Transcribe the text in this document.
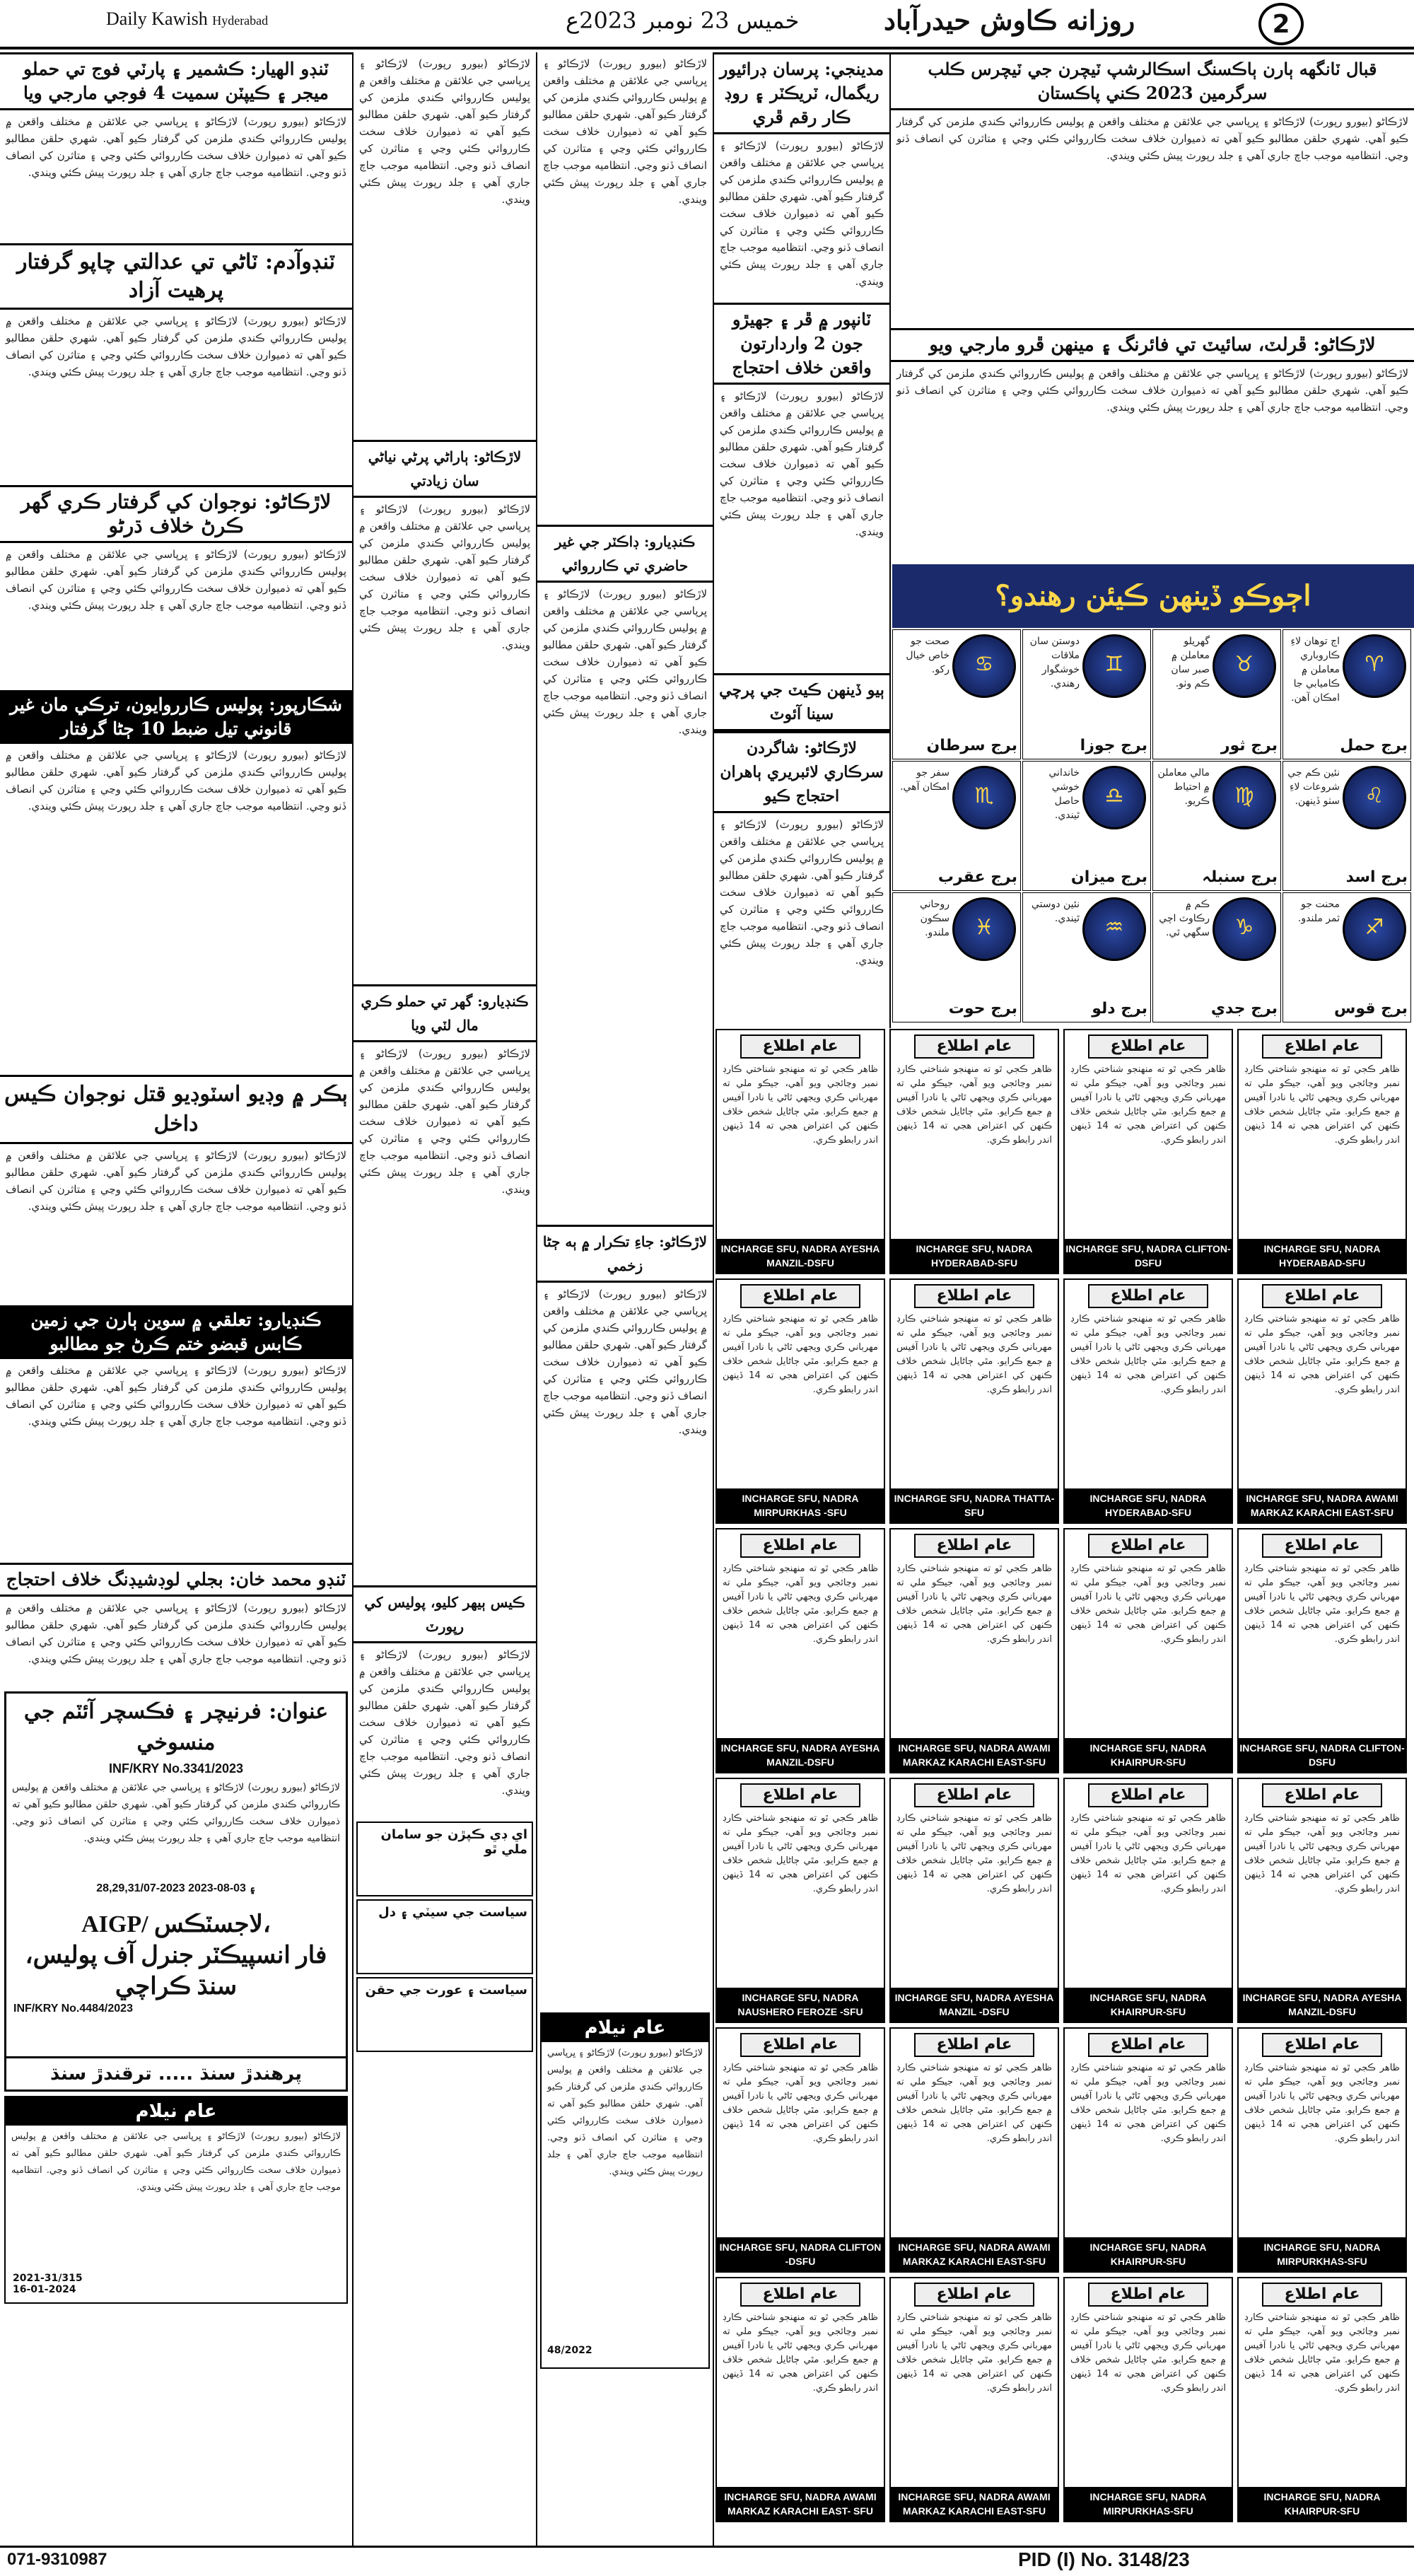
Daily Kawish Hyderabad	خميس 23 نومبر 2023ع	روزانه ڪاوش حيدرآباد	2
ٽنڊو الهيار: ڪشمير ۽ پارٽي فوج تي حملو ميجر ۽ ڪيپٽن سميت 4 فوجي مارجي ويا
لاڙڪاڻو (بيورو رپورٽ) لاڙڪاڻو ۽ ڀرپاسي جي علائقن ۾ مختلف واقعن ۾ پوليس ڪارروائي ڪندي ملزمن کي گرفتار ڪيو آهي. شهري حلقن مطالبو ڪيو آهي ته ذميوارن خلاف سخت ڪارروائي ڪئي وڃي ۽ متاثرن کي انصاف ڏنو وڃي. انتظاميه موجب جاچ جاري آهي ۽ جلد رپورٽ پيش ڪئي ويندي.
ٽنڊوآدم: ٽاڻي تي عدالتي چاپو گرفتار پرهيت آزاد
لاڙڪاڻو (بيورو رپورٽ) لاڙڪاڻو ۽ ڀرپاسي جي علائقن ۾ مختلف واقعن ۾ پوليس ڪارروائي ڪندي ملزمن کي گرفتار ڪيو آهي. شهري حلقن مطالبو ڪيو آهي ته ذميوارن خلاف سخت ڪارروائي ڪئي وڃي ۽ متاثرن کي انصاف ڏنو وڃي. انتظاميه موجب جاچ جاري آهي ۽ جلد رپورٽ پيش ڪئي ويندي.
لاڙڪاڻو: نوجوان کي گرفتار ڪري گهر ڪرڻ خلاف ڌرڻو
لاڙڪاڻو (بيورو رپورٽ) لاڙڪاڻو ۽ ڀرپاسي جي علائقن ۾ مختلف واقعن ۾ پوليس ڪارروائي ڪندي ملزمن کي گرفتار ڪيو آهي. شهري حلقن مطالبو ڪيو آهي ته ذميوارن خلاف سخت ڪارروائي ڪئي وڃي ۽ متاثرن کي انصاف ڏنو وڃي. انتظاميه موجب جاچ جاري آهي ۽ جلد رپورٽ پيش ڪئي ويندي.
شڪارپور: پوليس ڪارروايون، ترڪي مان غير قانوني تيل ضبط 10 ڄڻا گرفتار
لاڙڪاڻو (بيورو رپورٽ) لاڙڪاڻو ۽ ڀرپاسي جي علائقن ۾ مختلف واقعن ۾ پوليس ڪارروائي ڪندي ملزمن کي گرفتار ڪيو آهي. شهري حلقن مطالبو ڪيو آهي ته ذميوارن خلاف سخت ڪارروائي ڪئي وڃي ۽ متاثرن کي انصاف ڏنو وڃي. انتظاميه موجب جاچ جاري آهي ۽ جلد رپورٽ پيش ڪئي ويندي.
ٻڪر ۾ وڊيو اسٽوڊيو قتل نوجوان ڪيس داخل
لاڙڪاڻو (بيورو رپورٽ) لاڙڪاڻو ۽ ڀرپاسي جي علائقن ۾ مختلف واقعن ۾ پوليس ڪارروائي ڪندي ملزمن کي گرفتار ڪيو آهي. شهري حلقن مطالبو ڪيو آهي ته ذميوارن خلاف سخت ڪارروائي ڪئي وڃي ۽ متاثرن کي انصاف ڏنو وڃي. انتظاميه موجب جاچ جاري آهي ۽ جلد رپورٽ پيش ڪئي ويندي.
ڪنڊيارو: تعلقي ۾ سوين ٻارن جي زمين ڪابس قبضو ختم ڪرڻ جو مطالبو
لاڙڪاڻو (بيورو رپورٽ) لاڙڪاڻو ۽ ڀرپاسي جي علائقن ۾ مختلف واقعن ۾ پوليس ڪارروائي ڪندي ملزمن کي گرفتار ڪيو آهي. شهري حلقن مطالبو ڪيو آهي ته ذميوارن خلاف سخت ڪارروائي ڪئي وڃي ۽ متاثرن کي انصاف ڏنو وڃي. انتظاميه موجب جاچ جاري آهي ۽ جلد رپورٽ پيش ڪئي ويندي.
ٽنڊو محمد خان: بجلي لوڊشيڊنگ خلاف احتجاج
لاڙڪاڻو (بيورو رپورٽ) لاڙڪاڻو ۽ ڀرپاسي جي علائقن ۾ مختلف واقعن ۾ پوليس ڪارروائي ڪندي ملزمن کي گرفتار ڪيو آهي. شهري حلقن مطالبو ڪيو آهي ته ذميوارن خلاف سخت ڪارروائي ڪئي وڃي ۽ متاثرن کي انصاف ڏنو وڃي. انتظاميه موجب جاچ جاري آهي ۽ جلد رپورٽ پيش ڪئي ويندي.
عنوان: فرنيچر ۽ فڪسچر آئٽم جي منسوخي
INF/KRY No.3341/2023
لاڙڪاڻو (بيورو رپورٽ) لاڙڪاڻو ۽ ڀرپاسي جي علائقن ۾ مختلف واقعن ۾ پوليس ڪارروائي ڪندي ملزمن کي گرفتار ڪيو آهي. شهري حلقن مطالبو ڪيو آهي ته ذميوارن خلاف سخت ڪارروائي ڪئي وڃي ۽ متاثرن کي انصاف ڏنو وڃي. انتظاميه موجب جاچ جاري آهي ۽ جلد رپورٽ پيش ڪئي ويندي.
28,29,31/07-2023 ۽ 03-08-2023
AIGP/ لاجسٽڪس،
فار انسپيڪٽر جنرل آف پوليس،
سنڌ ڪراچي
INF/KRY No.4484/2023
پرهندڙ سنڌ ..... ترقندڙ سنڌ
عام نيلام
لاڙڪاڻو (بيورو رپورٽ) لاڙڪاڻو ۽ ڀرپاسي جي علائقن ۾ مختلف واقعن ۾ پوليس ڪارروائي ڪندي ملزمن کي گرفتار ڪيو آهي. شهري حلقن مطالبو ڪيو آهي ته ذميوارن خلاف سخت ڪارروائي ڪئي وڃي ۽ متاثرن کي انصاف ڏنو وڃي. انتظاميه موجب جاچ جاري آهي ۽ جلد رپورٽ پيش ڪئي ويندي.
2021-31/315
16-01-2024
لاڙڪاڻو (بيورو رپورٽ) لاڙڪاڻو ۽ ڀرپاسي جي علائقن ۾ مختلف واقعن ۾ پوليس ڪارروائي ڪندي ملزمن کي گرفتار ڪيو آهي. شهري حلقن مطالبو ڪيو آهي ته ذميوارن خلاف سخت ڪارروائي ڪئي وڃي ۽ متاثرن کي انصاف ڏنو وڃي. انتظاميه موجب جاچ جاري آهي ۽ جلد رپورٽ پيش ڪئي ويندي.
لاڙڪاڻو: ٻاراڻي پرڻي نياڻي سان زيادتي
لاڙڪاڻو (بيورو رپورٽ) لاڙڪاڻو ۽ ڀرپاسي جي علائقن ۾ مختلف واقعن ۾ پوليس ڪارروائي ڪندي ملزمن کي گرفتار ڪيو آهي. شهري حلقن مطالبو ڪيو آهي ته ذميوارن خلاف سخت ڪارروائي ڪئي وڃي ۽ متاثرن کي انصاف ڏنو وڃي. انتظاميه موجب جاچ جاري آهي ۽ جلد رپورٽ پيش ڪئي ويندي.
ڪنڊيارو: گهر تي حملو ڪري مال لٽي ويا
لاڙڪاڻو (بيورو رپورٽ) لاڙڪاڻو ۽ ڀرپاسي جي علائقن ۾ مختلف واقعن ۾ پوليس ڪارروائي ڪندي ملزمن کي گرفتار ڪيو آهي. شهري حلقن مطالبو ڪيو آهي ته ذميوارن خلاف سخت ڪارروائي ڪئي وڃي ۽ متاثرن کي انصاف ڏنو وڃي. انتظاميه موجب جاچ جاري آهي ۽ جلد رپورٽ پيش ڪئي ويندي.
ڪيس ٻيهر کليو، پوليس کي رپورٽ
لاڙڪاڻو (بيورو رپورٽ) لاڙڪاڻو ۽ ڀرپاسي جي علائقن ۾ مختلف واقعن ۾ پوليس ڪارروائي ڪندي ملزمن کي گرفتار ڪيو آهي. شهري حلقن مطالبو ڪيو آهي ته ذميوارن خلاف سخت ڪارروائي ڪئي وڃي ۽ متاثرن کي انصاف ڏنو وڃي. انتظاميه موجب جاچ جاري آهي ۽ جلد رپورٽ پيش ڪئي ويندي.
اي ڊي ڪپڙن جو سامان ملي ٿو
سياست جي سيٽي ۽ دل
سياست ۽ عورت جي حقن
لاڙڪاڻو (بيورو رپورٽ) لاڙڪاڻو ۽ ڀرپاسي جي علائقن ۾ مختلف واقعن ۾ پوليس ڪارروائي ڪندي ملزمن کي گرفتار ڪيو آهي. شهري حلقن مطالبو ڪيو آهي ته ذميوارن خلاف سخت ڪارروائي ڪئي وڃي ۽ متاثرن کي انصاف ڏنو وڃي. انتظاميه موجب جاچ جاري آهي ۽ جلد رپورٽ پيش ڪئي ويندي.
ڪنڊيارو: ڊاڪٽر جي غير حاضري تي ڪارروائي
لاڙڪاڻو (بيورو رپورٽ) لاڙڪاڻو ۽ ڀرپاسي جي علائقن ۾ مختلف واقعن ۾ پوليس ڪارروائي ڪندي ملزمن کي گرفتار ڪيو آهي. شهري حلقن مطالبو ڪيو آهي ته ذميوارن خلاف سخت ڪارروائي ڪئي وڃي ۽ متاثرن کي انصاف ڏنو وڃي. انتظاميه موجب جاچ جاري آهي ۽ جلد رپورٽ پيش ڪئي ويندي.
لاڙڪاڻو: جاءِ تڪرار ۾ ٻه ڄڻا زخمي
لاڙڪاڻو (بيورو رپورٽ) لاڙڪاڻو ۽ ڀرپاسي جي علائقن ۾ مختلف واقعن ۾ پوليس ڪارروائي ڪندي ملزمن کي گرفتار ڪيو آهي. شهري حلقن مطالبو ڪيو آهي ته ذميوارن خلاف سخت ڪارروائي ڪئي وڃي ۽ متاثرن کي انصاف ڏنو وڃي. انتظاميه موجب جاچ جاري آهي ۽ جلد رپورٽ پيش ڪئي ويندي.
عام نيلام
لاڙڪاڻو (بيورو رپورٽ) لاڙڪاڻو ۽ ڀرپاسي جي علائقن ۾ مختلف واقعن ۾ پوليس ڪارروائي ڪندي ملزمن کي گرفتار ڪيو آهي. شهري حلقن مطالبو ڪيو آهي ته ذميوارن خلاف سخت ڪارروائي ڪئي وڃي ۽ متاثرن کي انصاف ڏنو وڃي. انتظاميه موجب جاچ جاري آهي ۽ جلد رپورٽ پيش ڪئي ويندي.
48/2022
مدينجي: پرسان ڊرائيور ريگمال، ٽريڪٽر ۽ روڊ ڪار رقم ڦري
لاڙڪاڻو (بيورو رپورٽ) لاڙڪاڻو ۽ ڀرپاسي جي علائقن ۾ مختلف واقعن ۾ پوليس ڪارروائي ڪندي ملزمن کي گرفتار ڪيو آهي. شهري حلقن مطالبو ڪيو آهي ته ذميوارن خلاف سخت ڪارروائي ڪئي وڃي ۽ متاثرن کي انصاف ڏنو وڃي. انتظاميه موجب جاچ جاري آهي ۽ جلد رپورٽ پيش ڪئي ويندي.
ٽانپور ۾ ڦر ۽ جهيڙو جون 2 واردارتون واقعن خلاف احتجاج
لاڙڪاڻو (بيورو رپورٽ) لاڙڪاڻو ۽ ڀرپاسي جي علائقن ۾ مختلف واقعن ۾ پوليس ڪارروائي ڪندي ملزمن کي گرفتار ڪيو آهي. شهري حلقن مطالبو ڪيو آهي ته ذميوارن خلاف سخت ڪارروائي ڪئي وڃي ۽ متاثرن کي انصاف ڏنو وڃي. انتظاميه موجب جاچ جاري آهي ۽ جلد رپورٽ پيش ڪئي ويندي.
ٻيو ڏينهن ڪيٽ جي پرچي سينا آئوٽ
لاڙڪاڻو: شاگردن سرڪاري لائبريري ٻاهران احتجاج ڪيو
لاڙڪاڻو (بيورو رپورٽ) لاڙڪاڻو ۽ ڀرپاسي جي علائقن ۾ مختلف واقعن ۾ پوليس ڪارروائي ڪندي ملزمن کي گرفتار ڪيو آهي. شهري حلقن مطالبو ڪيو آهي ته ذميوارن خلاف سخت ڪارروائي ڪئي وڃي ۽ متاثرن کي انصاف ڏنو وڃي. انتظاميه موجب جاچ جاري آهي ۽ جلد رپورٽ پيش ڪئي ويندي.
قبال ٽانگهه ٻارن ٻاڪسنگ اسڪالرشپ ٽيچرن جي ٽيچرس ڪلب سرگرمين 2023 ڪني پاڪستان
لاڙڪاڻو (بيورو رپورٽ) لاڙڪاڻو ۽ ڀرپاسي جي علائقن ۾ مختلف واقعن ۾ پوليس ڪارروائي ڪندي ملزمن کي گرفتار ڪيو آهي. شهري حلقن مطالبو ڪيو آهي ته ذميوارن خلاف سخت ڪارروائي ڪئي وڃي ۽ متاثرن کي انصاف ڏنو وڃي. انتظاميه موجب جاچ جاري آهي ۽ جلد رپورٽ پيش ڪئي ويندي.
لاڙڪاڻو: ڦرلٽ، سائيٽ تي فائرنگ ۽ مينهن ڦرو مارجي ويو
لاڙڪاڻو (بيورو رپورٽ) لاڙڪاڻو ۽ ڀرپاسي جي علائقن ۾ مختلف واقعن ۾ پوليس ڪارروائي ڪندي ملزمن کي گرفتار ڪيو آهي. شهري حلقن مطالبو ڪيو آهي ته ذميوارن خلاف سخت ڪارروائي ڪئي وڃي ۽ متاثرن کي انصاف ڏنو وڃي. انتظاميه موجب جاچ جاري آهي ۽ جلد رپورٽ پيش ڪئي ويندي.
اڄوڪو ڏينهن ڪيئن رهندو؟
♈
اڄ توهان لاءِ ڪاروباري معاملن ۾ ڪاميابي جا امڪان آهن.
برج حمل
♉
گهريلو معاملن ۾ صبر سان ڪم وٺو.
برج ثور
♊
دوستن سان ملاقات خوشگوار رهندي.
برج جوزا
♋
صحت جو خاص خيال رکو.
برج سرطان
♌
نئين ڪم جي شروعات لاءِ سٺو ڏينهن.
برج اسد
♍
مالي معاملن ۾ احتياط ڪريو.
برج سنبلہ
♎
خانداني خوشي حاصل ٿيندي.
برج ميزان
♏
سفر جو امڪان آهي.
برج عقرب
♐
محنت جو ثمر ملندو.
برج قوس
♑
ڪم ۾ رڪاوٽ اچي سگهي ٿي.
برج جدي
♒
نئين دوستي ٿيندي.
برج دلو
♓
روحاني سڪون ملندو.
برج حوت
عام اطلاع
ظاهر ڪجي ٿو ته منهنجو شناختي ڪارڊ نمبر وڃائجي ويو آهي، جيڪو ملي ته مهرباني ڪري ويجهي ٿاڻي يا نادرا آفيس ۾ جمع ڪرايو. مٿي ڄاڻايل شخص خلاف ڪنهن کي اعتراض هجي ته 14 ڏينهن اندر رابطو ڪري.
INCHARGE SFU, NADRA HYDERABAD-SFU
عام اطلاع
ظاهر ڪجي ٿو ته منهنجو شناختي ڪارڊ نمبر وڃائجي ويو آهي، جيڪو ملي ته مهرباني ڪري ويجهي ٿاڻي يا نادرا آفيس ۾ جمع ڪرايو. مٿي ڄاڻايل شخص خلاف ڪنهن کي اعتراض هجي ته 14 ڏينهن اندر رابطو ڪري.
INCHARGE SFU, NADRA CLIFTON-DSFU
عام اطلاع
ظاهر ڪجي ٿو ته منهنجو شناختي ڪارڊ نمبر وڃائجي ويو آهي، جيڪو ملي ته مهرباني ڪري ويجهي ٿاڻي يا نادرا آفيس ۾ جمع ڪرايو. مٿي ڄاڻايل شخص خلاف ڪنهن کي اعتراض هجي ته 14 ڏينهن اندر رابطو ڪري.
INCHARGE SFU, NADRA HYDERABAD-SFU
عام اطلاع
ظاهر ڪجي ٿو ته منهنجو شناختي ڪارڊ نمبر وڃائجي ويو آهي، جيڪو ملي ته مهرباني ڪري ويجهي ٿاڻي يا نادرا آفيس ۾ جمع ڪرايو. مٿي ڄاڻايل شخص خلاف ڪنهن کي اعتراض هجي ته 14 ڏينهن اندر رابطو ڪري.
INCHARGE SFU, NADRA AYESHA MANZIL-DSFU
عام اطلاع
ظاهر ڪجي ٿو ته منهنجو شناختي ڪارڊ نمبر وڃائجي ويو آهي، جيڪو ملي ته مهرباني ڪري ويجهي ٿاڻي يا نادرا آفيس ۾ جمع ڪرايو. مٿي ڄاڻايل شخص خلاف ڪنهن کي اعتراض هجي ته 14 ڏينهن اندر رابطو ڪري.
INCHARGE SFU, NADRA AWAMI MARKAZ KARACHI EAST-SFU
عام اطلاع
ظاهر ڪجي ٿو ته منهنجو شناختي ڪارڊ نمبر وڃائجي ويو آهي، جيڪو ملي ته مهرباني ڪري ويجهي ٿاڻي يا نادرا آفيس ۾ جمع ڪرايو. مٿي ڄاڻايل شخص خلاف ڪنهن کي اعتراض هجي ته 14 ڏينهن اندر رابطو ڪري.
INCHARGE SFU, NADRA HYDERABAD-SFU
عام اطلاع
ظاهر ڪجي ٿو ته منهنجو شناختي ڪارڊ نمبر وڃائجي ويو آهي، جيڪو ملي ته مهرباني ڪري ويجهي ٿاڻي يا نادرا آفيس ۾ جمع ڪرايو. مٿي ڄاڻايل شخص خلاف ڪنهن کي اعتراض هجي ته 14 ڏينهن اندر رابطو ڪري.
INCHARGE SFU, NADRA THATTA-SFU
عام اطلاع
ظاهر ڪجي ٿو ته منهنجو شناختي ڪارڊ نمبر وڃائجي ويو آهي، جيڪو ملي ته مهرباني ڪري ويجهي ٿاڻي يا نادرا آفيس ۾ جمع ڪرايو. مٿي ڄاڻايل شخص خلاف ڪنهن کي اعتراض هجي ته 14 ڏينهن اندر رابطو ڪري.
INCHARGE SFU, NADRA MIRPURKHAS -SFU
عام اطلاع
ظاهر ڪجي ٿو ته منهنجو شناختي ڪارڊ نمبر وڃائجي ويو آهي، جيڪو ملي ته مهرباني ڪري ويجهي ٿاڻي يا نادرا آفيس ۾ جمع ڪرايو. مٿي ڄاڻايل شخص خلاف ڪنهن کي اعتراض هجي ته 14 ڏينهن اندر رابطو ڪري.
INCHARGE SFU, NADRA CLIFTON-DSFU
عام اطلاع
ظاهر ڪجي ٿو ته منهنجو شناختي ڪارڊ نمبر وڃائجي ويو آهي، جيڪو ملي ته مهرباني ڪري ويجهي ٿاڻي يا نادرا آفيس ۾ جمع ڪرايو. مٿي ڄاڻايل شخص خلاف ڪنهن کي اعتراض هجي ته 14 ڏينهن اندر رابطو ڪري.
INCHARGE SFU, NADRA KHAIRPUR-SFU
عام اطلاع
ظاهر ڪجي ٿو ته منهنجو شناختي ڪارڊ نمبر وڃائجي ويو آهي، جيڪو ملي ته مهرباني ڪري ويجهي ٿاڻي يا نادرا آفيس ۾ جمع ڪرايو. مٿي ڄاڻايل شخص خلاف ڪنهن کي اعتراض هجي ته 14 ڏينهن اندر رابطو ڪري.
INCHARGE SFU, NADRA AWAMI MARKAZ KARACHI EAST-SFU
عام اطلاع
ظاهر ڪجي ٿو ته منهنجو شناختي ڪارڊ نمبر وڃائجي ويو آهي، جيڪو ملي ته مهرباني ڪري ويجهي ٿاڻي يا نادرا آفيس ۾ جمع ڪرايو. مٿي ڄاڻايل شخص خلاف ڪنهن کي اعتراض هجي ته 14 ڏينهن اندر رابطو ڪري.
INCHARGE SFU, NADRA AYESHA MANZIL-DSFU
عام اطلاع
ظاهر ڪجي ٿو ته منهنجو شناختي ڪارڊ نمبر وڃائجي ويو آهي، جيڪو ملي ته مهرباني ڪري ويجهي ٿاڻي يا نادرا آفيس ۾ جمع ڪرايو. مٿي ڄاڻايل شخص خلاف ڪنهن کي اعتراض هجي ته 14 ڏينهن اندر رابطو ڪري.
INCHARGE SFU, NADRA AYESHA MANZIL-DSFU
عام اطلاع
ظاهر ڪجي ٿو ته منهنجو شناختي ڪارڊ نمبر وڃائجي ويو آهي، جيڪو ملي ته مهرباني ڪري ويجهي ٿاڻي يا نادرا آفيس ۾ جمع ڪرايو. مٿي ڄاڻايل شخص خلاف ڪنهن کي اعتراض هجي ته 14 ڏينهن اندر رابطو ڪري.
INCHARGE SFU, NADRA KHAIRPUR-SFU
عام اطلاع
ظاهر ڪجي ٿو ته منهنجو شناختي ڪارڊ نمبر وڃائجي ويو آهي، جيڪو ملي ته مهرباني ڪري ويجهي ٿاڻي يا نادرا آفيس ۾ جمع ڪرايو. مٿي ڄاڻايل شخص خلاف ڪنهن کي اعتراض هجي ته 14 ڏينهن اندر رابطو ڪري.
INCHARGE SFU, NADRA AYESHA MANZIL -DSFU
عام اطلاع
ظاهر ڪجي ٿو ته منهنجو شناختي ڪارڊ نمبر وڃائجي ويو آهي، جيڪو ملي ته مهرباني ڪري ويجهي ٿاڻي يا نادرا آفيس ۾ جمع ڪرايو. مٿي ڄاڻايل شخص خلاف ڪنهن کي اعتراض هجي ته 14 ڏينهن اندر رابطو ڪري.
INCHARGE SFU, NADRA NAUSHERO FEROZE -SFU
عام اطلاع
ظاهر ڪجي ٿو ته منهنجو شناختي ڪارڊ نمبر وڃائجي ويو آهي، جيڪو ملي ته مهرباني ڪري ويجهي ٿاڻي يا نادرا آفيس ۾ جمع ڪرايو. مٿي ڄاڻايل شخص خلاف ڪنهن کي اعتراض هجي ته 14 ڏينهن اندر رابطو ڪري.
INCHARGE SFU, NADRA MIRPURKHAS-SFU
عام اطلاع
ظاهر ڪجي ٿو ته منهنجو شناختي ڪارڊ نمبر وڃائجي ويو آهي، جيڪو ملي ته مهرباني ڪري ويجهي ٿاڻي يا نادرا آفيس ۾ جمع ڪرايو. مٿي ڄاڻايل شخص خلاف ڪنهن کي اعتراض هجي ته 14 ڏينهن اندر رابطو ڪري.
INCHARGE SFU, NADRA KHAIRPUR-SFU
عام اطلاع
ظاهر ڪجي ٿو ته منهنجو شناختي ڪارڊ نمبر وڃائجي ويو آهي، جيڪو ملي ته مهرباني ڪري ويجهي ٿاڻي يا نادرا آفيس ۾ جمع ڪرايو. مٿي ڄاڻايل شخص خلاف ڪنهن کي اعتراض هجي ته 14 ڏينهن اندر رابطو ڪري.
INCHARGE SFU, NADRA AWAMI MARKAZ KARACHI EAST-SFU
عام اطلاع
ظاهر ڪجي ٿو ته منهنجو شناختي ڪارڊ نمبر وڃائجي ويو آهي، جيڪو ملي ته مهرباني ڪري ويجهي ٿاڻي يا نادرا آفيس ۾ جمع ڪرايو. مٿي ڄاڻايل شخص خلاف ڪنهن کي اعتراض هجي ته 14 ڏينهن اندر رابطو ڪري.
INCHARGE SFU, NADRA CLIFTON -DSFU
عام اطلاع
ظاهر ڪجي ٿو ته منهنجو شناختي ڪارڊ نمبر وڃائجي ويو آهي، جيڪو ملي ته مهرباني ڪري ويجهي ٿاڻي يا نادرا آفيس ۾ جمع ڪرايو. مٿي ڄاڻايل شخص خلاف ڪنهن کي اعتراض هجي ته 14 ڏينهن اندر رابطو ڪري.
INCHARGE SFU, NADRA KHAIRPUR-SFU
عام اطلاع
ظاهر ڪجي ٿو ته منهنجو شناختي ڪارڊ نمبر وڃائجي ويو آهي، جيڪو ملي ته مهرباني ڪري ويجهي ٿاڻي يا نادرا آفيس ۾ جمع ڪرايو. مٿي ڄاڻايل شخص خلاف ڪنهن کي اعتراض هجي ته 14 ڏينهن اندر رابطو ڪري.
INCHARGE SFU, NADRA MIRPURKHAS-SFU
عام اطلاع
ظاهر ڪجي ٿو ته منهنجو شناختي ڪارڊ نمبر وڃائجي ويو آهي، جيڪو ملي ته مهرباني ڪري ويجهي ٿاڻي يا نادرا آفيس ۾ جمع ڪرايو. مٿي ڄاڻايل شخص خلاف ڪنهن کي اعتراض هجي ته 14 ڏينهن اندر رابطو ڪري.
INCHARGE SFU, NADRA AWAMI MARKAZ KARACHI EAST-SFU
عام اطلاع
ظاهر ڪجي ٿو ته منهنجو شناختي ڪارڊ نمبر وڃائجي ويو آهي، جيڪو ملي ته مهرباني ڪري ويجهي ٿاڻي يا نادرا آفيس ۾ جمع ڪرايو. مٿي ڄاڻايل شخص خلاف ڪنهن کي اعتراض هجي ته 14 ڏينهن اندر رابطو ڪري.
INCHARGE SFU, NADRA AWAMI MARKAZ KARACHI EAST- SFU
071-9310987	PID (I) No. 3148/23
